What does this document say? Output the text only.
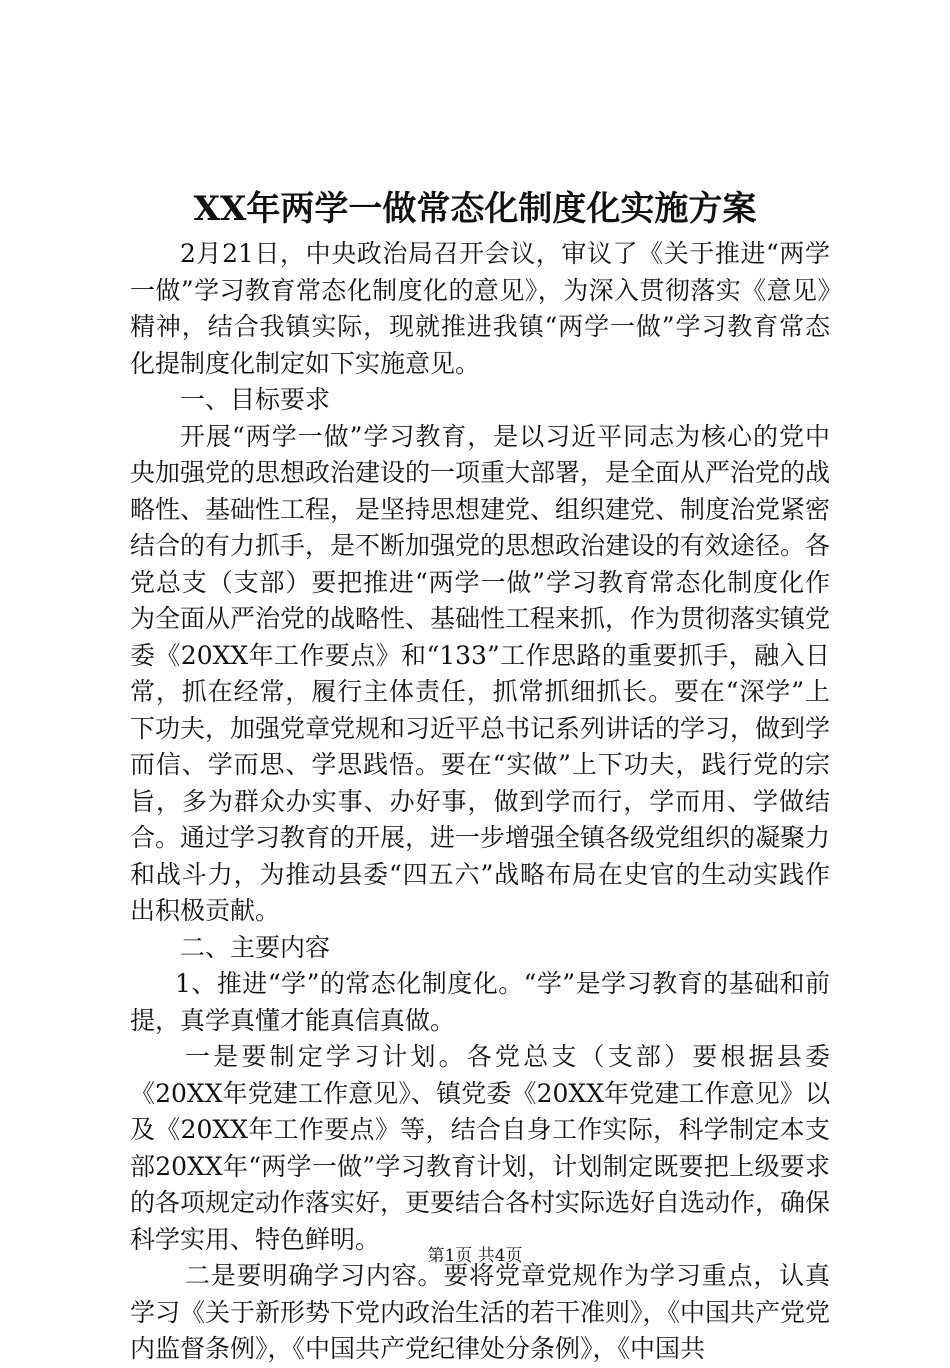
XX年两学一做常态化制度化实施方案

2月21日，中央政治局召开会议，审议了《关于推进“两学一做”学习教育常态化制度化的意见》，为深入贯彻落实《意见》精神，结合我镇实际，现就推进我镇“两学一做”学习教育常态化提制度化制定如下实施意见。

一、目标要求

开展“两学一做”学习教育，是以习近平同志为核心的党中央加强党的思想政治建设的一项重大部署，是全面从严治党的战略性、基础性工程，是坚持思想建党、组织建党、制度治党紧密结合的有力抓手，是不断加强党的思想政治建设的有效途径。各党总支（支部）要把推进“两学一做”学习教育常态化制度化作为全面从严治党的战略性、基础性工程来抓，作为贯彻落实镇党委《20XX年工作要点》和“133”工作思路的重要抓手，融入日常，抓在经常，履行主体责任，抓常抓细抓长。要在“深学”上下功夫，加强党章党规和习近平总书记系列讲话的学习，做到学而信、学而思、学思践悟。要在“实做”上下功夫，践行党的宗旨，多为群众办实事、办好事，做到学而行，学而用、学做结合。通过学习教育的开展，进一步增强全镇各级党组织的凝聚力和战斗力，为推动县委“四五六”战略布局在史官的生动实践作出积极贡献。

二、主要内容

1、推进“学”的常态化制度化。“学”是学习教育的基础和前提，真学真懂才能真信真做。

一是要制定学习计划。各党总支（支部）要根据县委《20XX年党建工作意见》、镇党委《20XX年党建工作意见》以及《20XX年工作要点》等，结合自身工作实际，科学制定本支部20XX年“两学一做”学习教育计划，计划制定既要把上级要求的各项规定动作落实好，更要结合各村实际选好自选动作，确保科学实用、特色鲜明。

二是要明确学习内容。要将党章党规作为学习重点，认真学习《关于新形势下党内政治生活的若干准则》，《中国共产党党内监督条例》，《中国共产党纪律处分条例》，《中国共

第1页 共4页
